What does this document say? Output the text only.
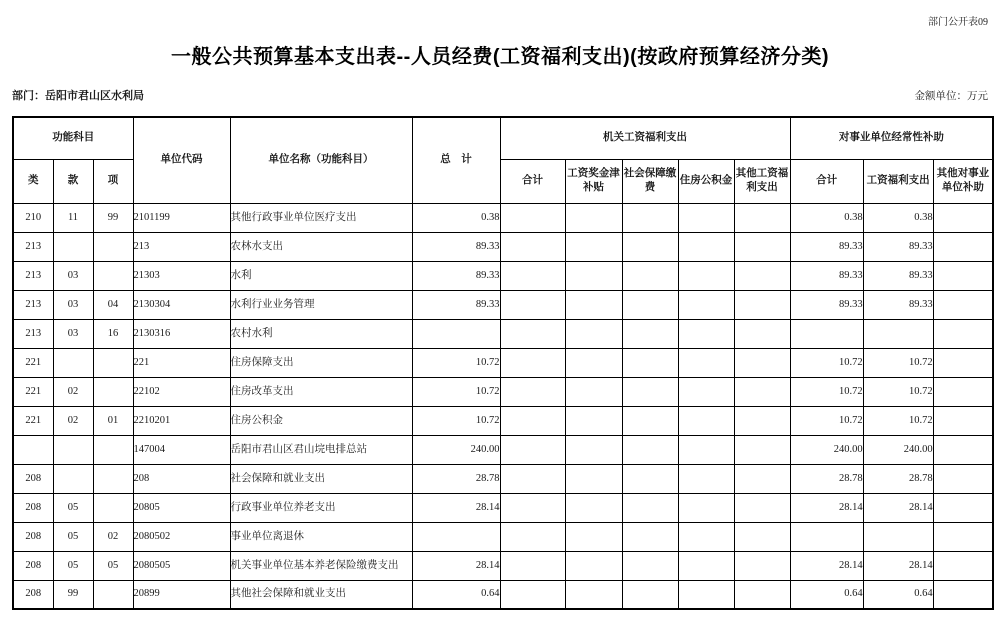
部门公开表09
一般公共预算基本支出表--人员经费(工资福利支出)(按政府预算经济分类)
部门：岳阳市君山区水利局	金额单位：万元
功能科目			单位代码	单位名称（功能科目）	总　计	机关工资福利支出					对事业单位经常性补助		
类	款	项				合计	工资奖金津补贴	社会保障缴费	住房公积金	其他工资福利支出	合计	工资福利支出	其他对事业单位补助
210	11	99	2101199	其他行政事业单位医疗支出	0.38						0.38	0.38	
213			213	农林水支出	89.33						89.33	89.33	
213	03		21303	水利	89.33						89.33	89.33	
213	03	04	2130304	水利行业业务管理	89.33						89.33	89.33	
213	03	16	2130316	农村水利									
221			221	住房保障支出	10.72						10.72	10.72	
221	02		22102	住房改革支出	10.72						10.72	10.72	
221	02	01	2210201	住房公积金	10.72						10.72	10.72	
			147004	岳阳市君山区君山垸电排总站	240.00						240.00	240.00	
208			208	社会保障和就业支出	28.78						28.78	28.78	
208	05		20805	行政事业单位养老支出	28.14						28.14	28.14	
208	05	02	2080502	事业单位离退休									
208	05	05	2080505	机关事业单位基本养老保险缴费支出	28.14						28.14	28.14	
208	99		20899	其他社会保障和就业支出	0.64						0.64	0.64	
